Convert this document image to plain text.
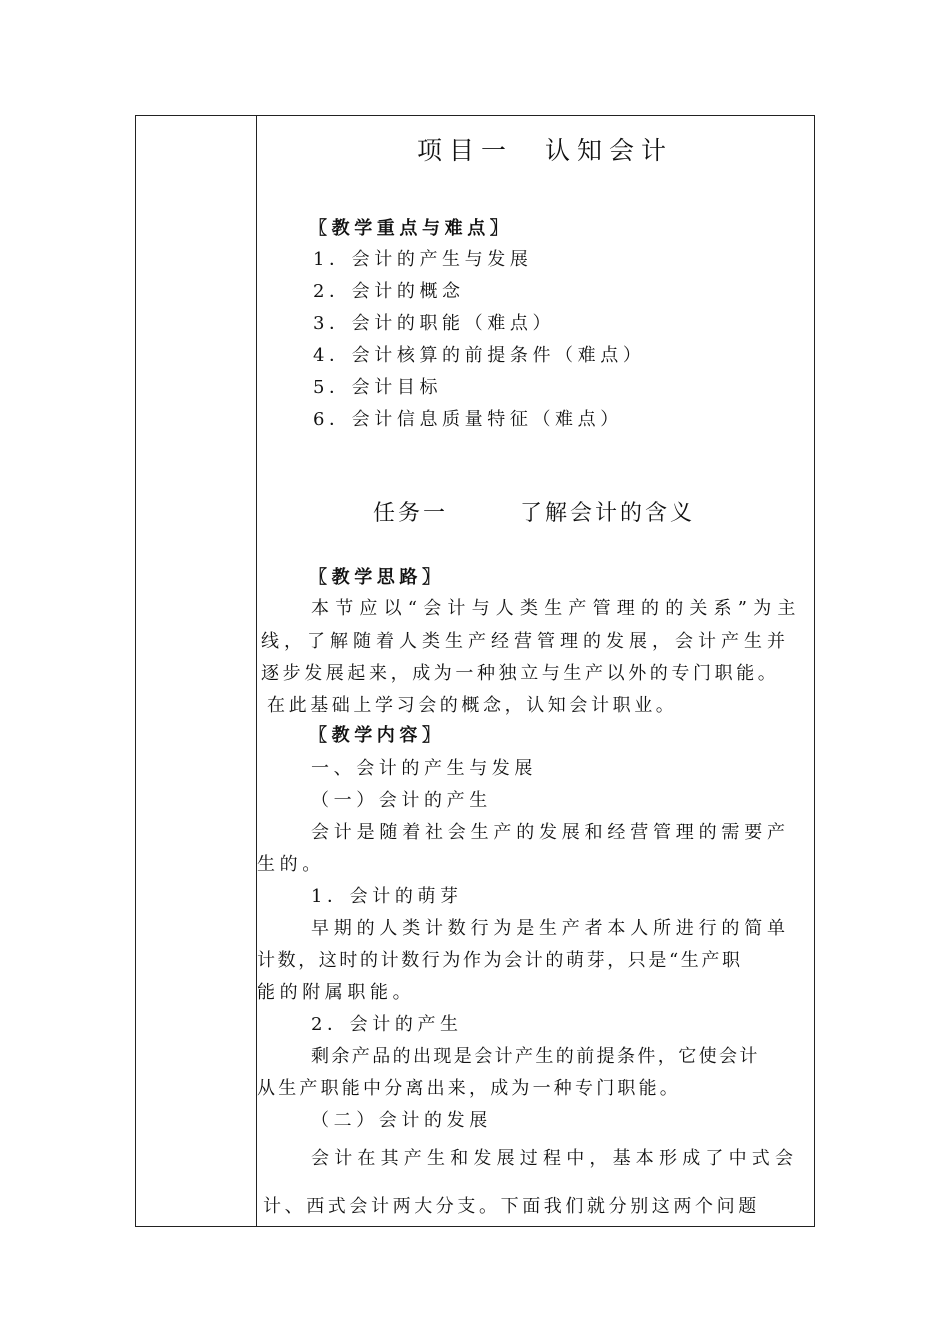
项目一　认知会计
〖教学重点与难点〗
1．会计的产生与发展
2．会计的概念
3．会计的职能（难点）
4．会计核算的前提条件（难点）
5．会计目标
6．会计信息质量特征（难点）
任务一	了解会计的含义
〖教学思路〗
本节应以“会计与人类生产管理的的关系”为主
线，了解随着人类生产经营管理的发展，会计产生并
逐步发展起来，成为一种独立与生产以外的专门职能。
在此基础上学习会的概念，认知会计职业。
〖教学内容〗
一、会计的产生与发展
（一）会计的产生
会计是随着社会生产的发展和经营管理的需要产
生的。
1．会计的萌芽
早期的人类计数行为是生产者本人所进行的简单
计数，这时的计数行为作为会计的萌芽，只是“生产职
能的附属职能。
2．会计的产生
剩余产品的出现是会计产生的前提条件，它使会计
从生产职能中分离出来，成为一种专门职能。
（二）会计的发展
会计在其产生和发展过程中，基本形成了中式会
计、西式会计两大分支。下面我们就分别这两个问题
